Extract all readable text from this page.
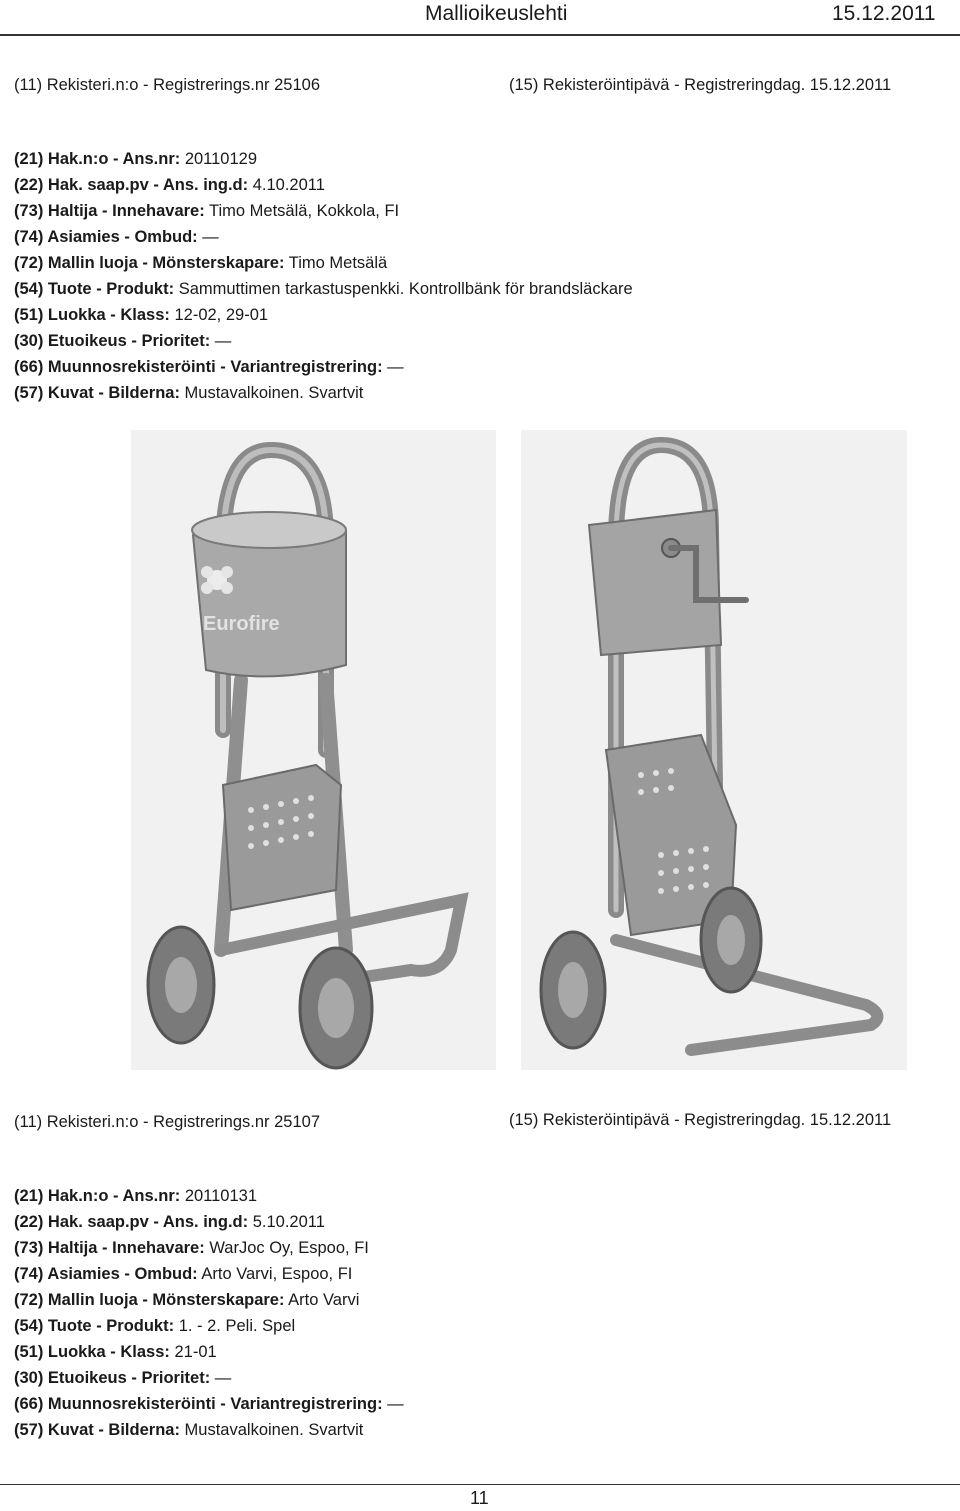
Mallioikeuslehti	15.12.2011
(11) Rekisteri.n:o - Registrerings.nr 25106	(15) Rekisteröintipävä - Registreringdag. 15.12.2011
(21) Hak.n:o - Ans.nr: 20110129
(22) Hak. saap.pv - Ans. ing.d: 4.10.2011
(73) Haltija - Innehavare: Timo Metsälä, Kokkola, FI
(74) Asiamies - Ombud: —
(72) Mallin luoja - Mönsterskapare: Timo Metsälä
(54) Tuote - Produkt: Sammuttimen tarkastuspenkki. Kontrollbänk för brandsläckare
(51) Luokka - Klass: 12-02, 29-01
(30) Etuoikeus - Prioritet: —
(66) Muunnosrekisteröinti - Variantregistrering: —
(57) Kuvat - Bilderna: Mustavalkoinen. Svartvit
Eurofire
(11) Rekisteri.n:o - Registrerings.nr 25107	(15) Rekisteröintipävä - Registreringdag. 15.12.2011
(21) Hak.n:o - Ans.nr: 20110131
(22) Hak. saap.pv - Ans. ing.d: 5.10.2011
(73) Haltija - Innehavare: WarJoc Oy, Espoo, FI
(74) Asiamies - Ombud: Arto Varvi, Espoo, FI
(72) Mallin luoja - Mönsterskapare: Arto Varvi
(54) Tuote - Produkt: 1. - 2. Peli. Spel
(51) Luokka - Klass: 21-01
(30) Etuoikeus - Prioritet: —
(66) Muunnosrekisteröinti - Variantregistrering: —
(57) Kuvat - Bilderna: Mustavalkoinen. Svartvit
11
